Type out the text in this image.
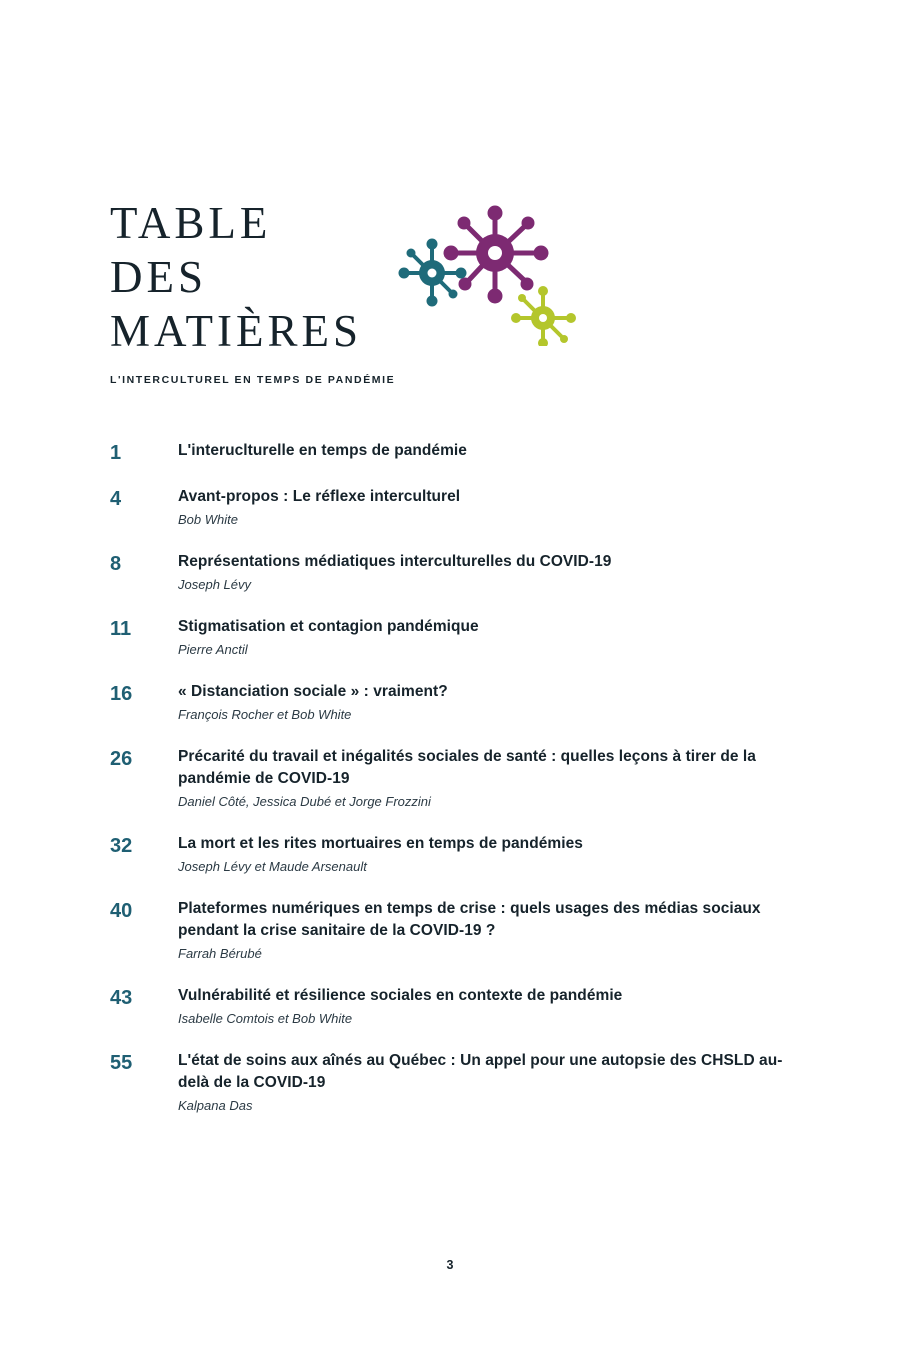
TABLE
DES
MATIÈRES
L'INTERCULTUREL EN TEMPS DE PANDÉMIE
1	L'interuclturelle en temps de pandémie
4	Avant-propos : Le réflexe interculturel
Bob White
8	Représentations médiatiques interculturelles du COVID-19
Joseph Lévy
11	Stigmatisation et contagion pandémique
Pierre Anctil
16	« Distanciation sociale » : vraiment?
François Rocher et Bob White
26	Précarité du travail et inégalités sociales de santé : quelles leçons à tirer de la pandémie de COVID-19
Daniel Côté, Jessica Dubé et Jorge Frozzini
32	La mort et les rites mortuaires en temps de pandémies
Joseph Lévy et Maude Arsenault
40	Plateformes numériques en temps de crise : quels usages des médias sociaux pendant la crise sanitaire de la COVID-19 ?
Farrah Bérubé
43	Vulnérabilité et résilience sociales en contexte de pandémie
Isabelle Comtois et Bob White
55	L'état de soins aux aînés au Québec : Un appel pour une autopsie des CHSLD au-delà de la COVID-19
Kalpana Das
3
